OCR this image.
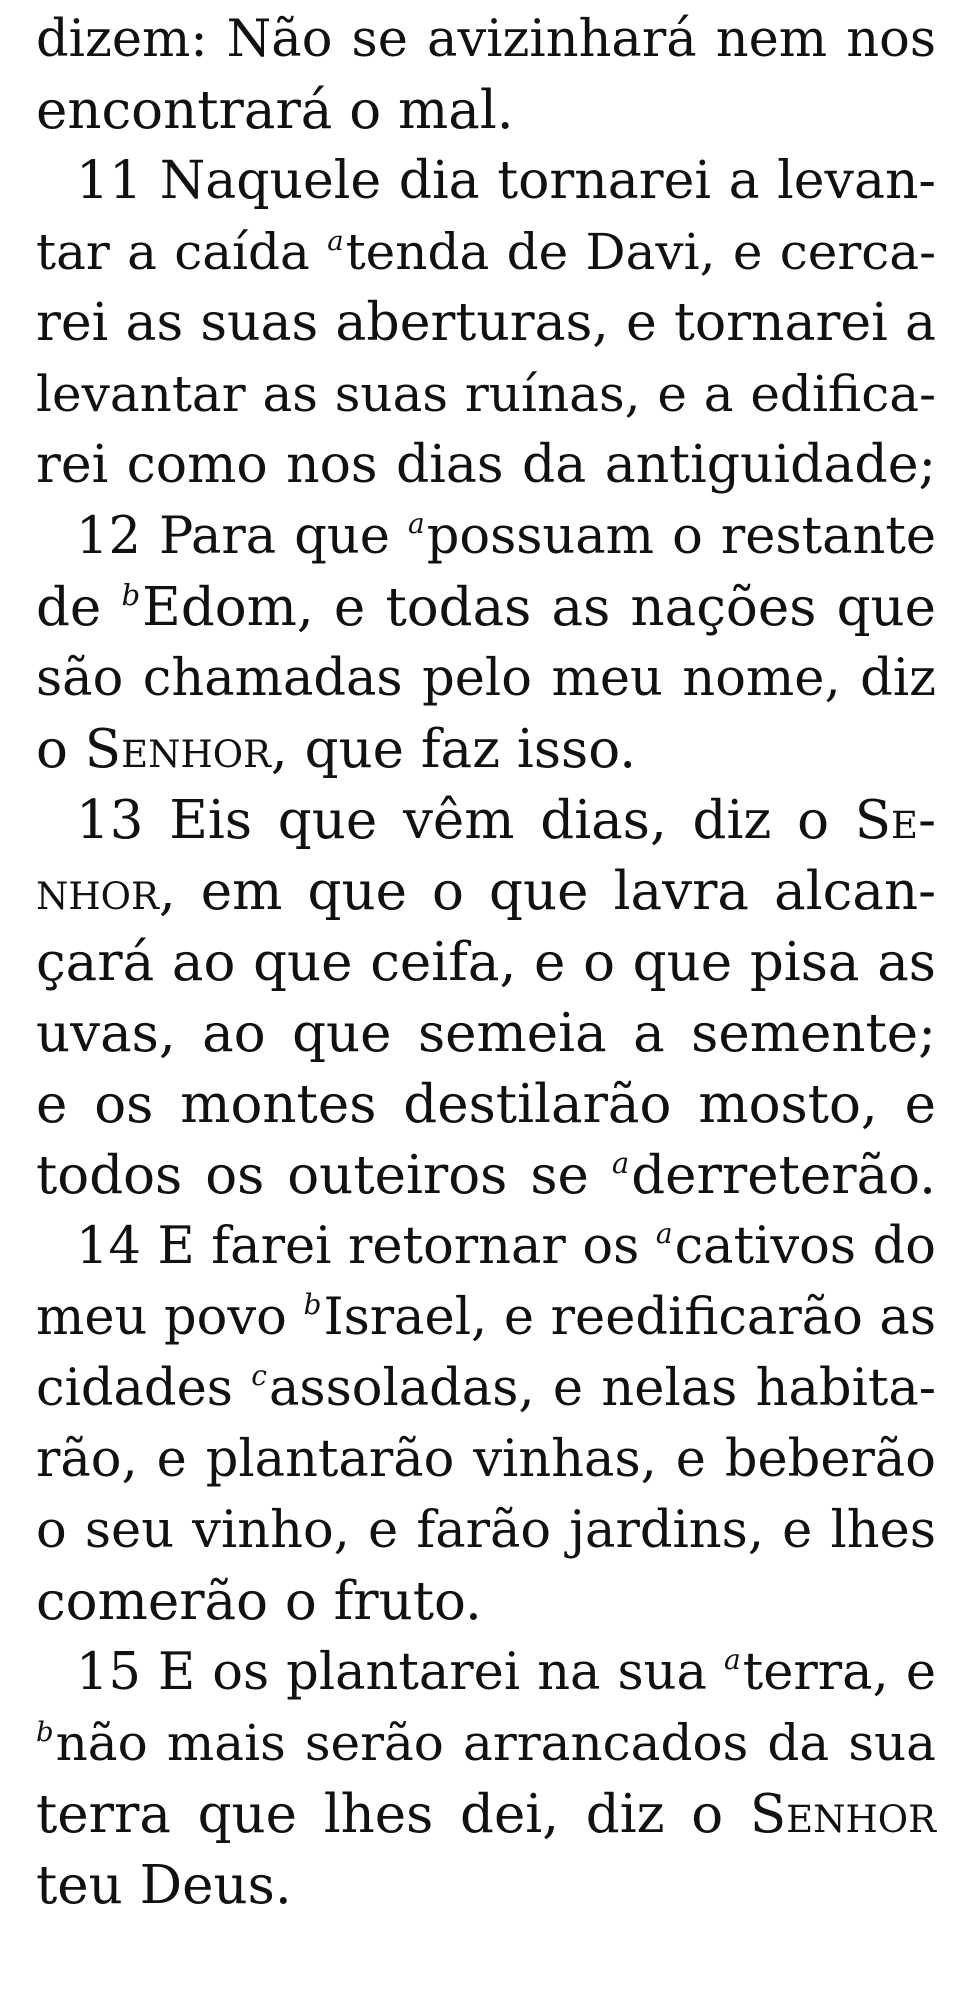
dizem: Não se avizinhará nem nos
encontrará o mal.
11 Naquele dia tornarei a levan-
tar a caída $^a$tenda de Davi, e cerca-
rei as suas aberturas, e tornarei a
levantar as suas ruínas, e a edifica-
rei como nos dias da antiguidade;
12 Para que $^a$possuam o restante
de $^b$Edom, e todas as nações que
são chamadas pelo meu nome, diz
o Senhor, que faz isso.
13 Eis que vêm dias, diz o Se-
nhor, em que o que lavra alcan-
çará ao que ceifa, e o que pisa as
uvas, ao que semeia a semente;
e os montes destilarão mosto, e
todos os outeiros se $^a$derreterão.
14 E farei retornar os $^a$cativos do
meu povo $^b$Israel, e reedificarão as
cidades $^c$assoladas, e nelas habita-
rão, e plantarão vinhas, e beberão
o seu vinho, e farão jardins, e lhes
comerão o fruto.
15 E os plantarei na sua $^a$terra, e
$^b$não mais serão arrancados da sua
terra que lhes dei, diz o Senhor
teu Deus.
